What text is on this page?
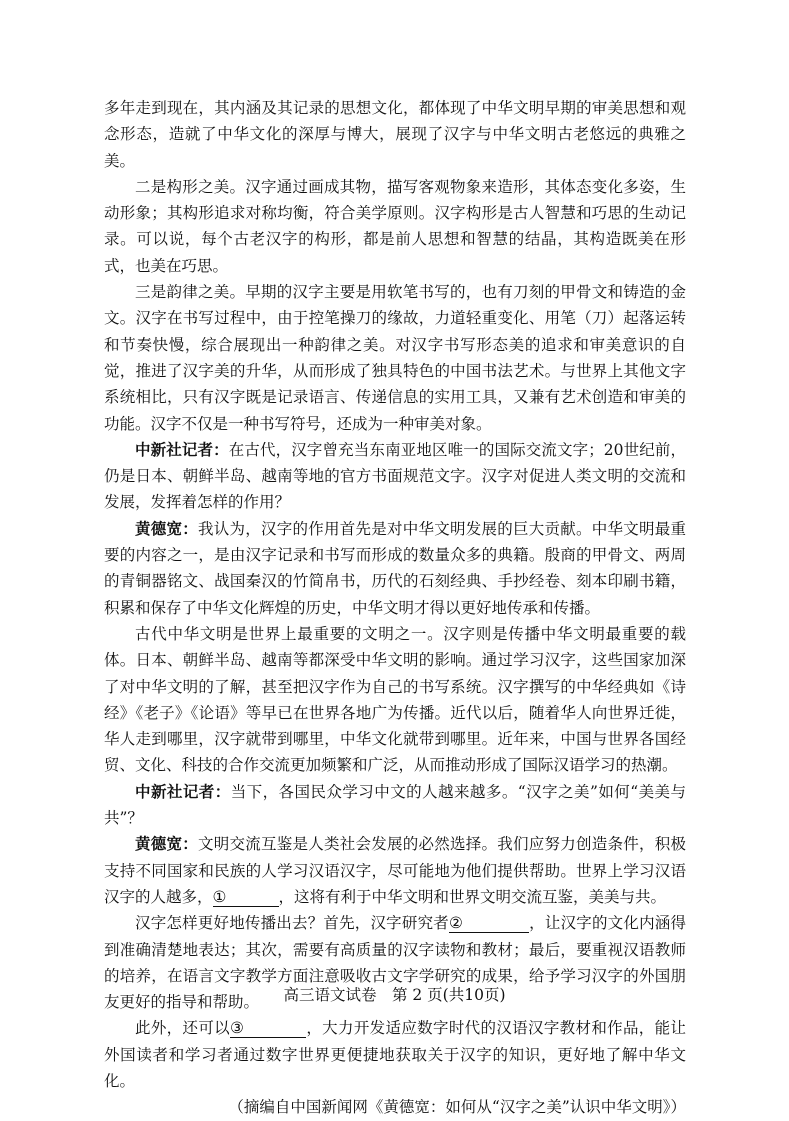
多年走到现在，其内涵及其记录的思想文化，都体现了中华文明早期的审美思想和观念形态，造就了中华文化的深厚与博大，展现了汉字与中华文明古老悠远的典雅之美。

二是构形之美。汉字通过画成其物，描写客观物象来造形，其体态变化多姿，生动形象；其构形追求对称均衡，符合美学原则。汉字构形是古人智慧和巧思的生动记录。可以说，每个古老汉字的构形，都是前人思想和智慧的结晶，其构造既美在形式，也美在巧思。

三是韵律之美。早期的汉字主要是用软笔书写的，也有刀刻的甲骨文和铸造的金文。汉字在书写过程中，由于控笔操刀的缘故，力道轻重变化、用笔（刀）起落运转和节奏快慢，综合展现出一种韵律之美。对汉字书写形态美的追求和审美意识的自觉，推进了汉字美的升华，从而形成了独具特色的中国书法艺术。与世界上其他文字系统相比，只有汉字既是记录语言、传递信息的实用工具，又兼有艺术创造和审美的功能。汉字不仅是一种书写符号，还成为一种审美对象。

中新社记者：在古代，汉字曾充当东南亚地区唯一的国际交流文字；20世纪前，仍是日本、朝鲜半岛、越南等地的官方书面规范文字。汉字对促进人类文明的交流和发展，发挥着怎样的作用？

黄德宽：我认为，汉字的作用首先是对中华文明发展的巨大贡献。中华文明最重要的内容之一，是由汉字记录和书写而形成的数量众多的典籍。殷商的甲骨文、两周的青铜器铭文、战国秦汉的竹简帛书，历代的石刻经典、手抄经卷、刻本印刷书籍，积累和保存了中华文化辉煌的历史，中华文明才得以更好地传承和传播。

古代中华文明是世界上最重要的文明之一。汉字则是传播中华文明最重要的载体。日本、朝鲜半岛、越南等都深受中华文明的影响。通过学习汉字，这些国家加深了对中华文明的了解，甚至把汉字作为自己的书写系统。汉字撰写的中华经典如《诗经》《老子》《论语》等早已在世界各地广为传播。近代以后，随着华人向世界迁徙，华人走到哪里，汉字就带到哪里，中华文化就带到哪里。近年来，中国与世界各国经贸、文化、科技的合作交流更加频繁和广泛，从而推动形成了国际汉语学习的热潮。

中新社记者：当下，各国民众学习中文的人越来越多。“汉字之美”如何“美美与共”？

黄德宽：文明交流互鉴是人类社会发展的必然选择。我们应努力创造条件，积极支持不同国家和民族的人学习汉语汉字，尽可能地为他们提供帮助。世界上学习汉语汉字的人越多，①	，这将有利于中华文明和世界文明交流互鉴，美美与共。

汉字怎样更好地传播出去？首先，汉字研究者②	，让汉字的文化内涵得到准确清楚地表达；其次，需要有高质量的汉字读物和教材；最后，要重视汉语教师的培养，在语言文字教学方面注意吸收古文字学研究的成果，给予学习汉字的外国朋友更好的指导和帮助。

此外，还可以③	，大力开发适应数字时代的汉语汉字教材和作品，能让外国读者和学习者通过数字世界更便捷地获取关于汉字的知识，更好地了解中华文化。

（摘编自中国新闻网《黄德宽：如何从“汉字之美”认识中华文明》）

高三语文试卷　第 2 页(共10页)
